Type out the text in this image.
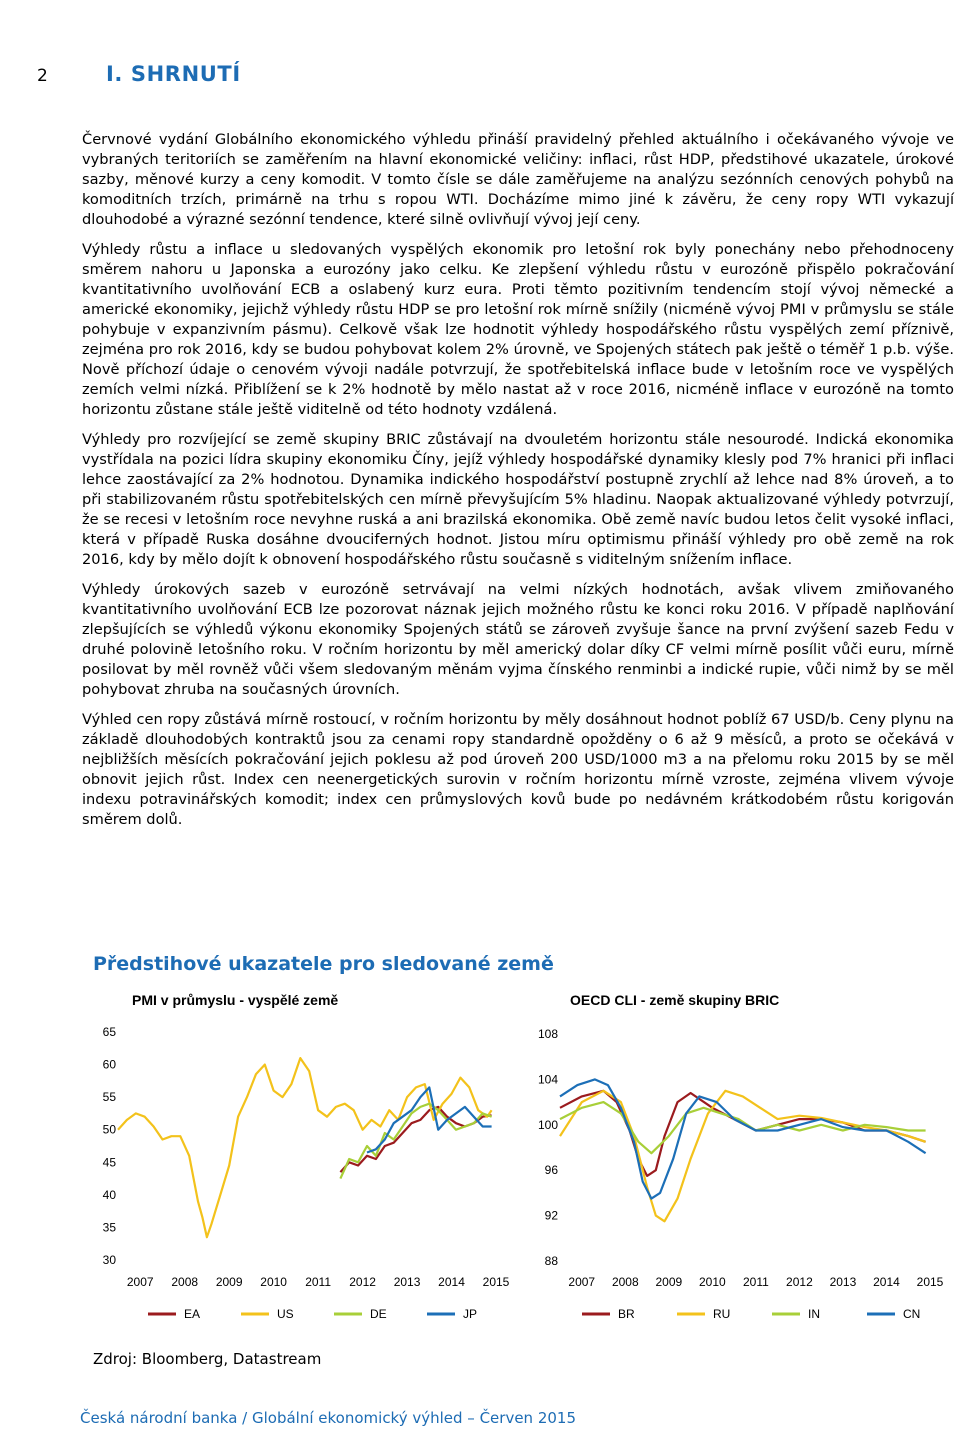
2	I. SHRNUTÍ

Červnové vydání Globálního ekonomického výhledu přináší pravidelný přehled aktuálního i očekávaného vývoje ve vybraných teritoriích se zaměřením na hlavní ekonomické veličiny: inflaci, růst HDP, předstihové ukazatele, úrokové sazby, měnové kurzy a ceny komodit. V tomto čísle se dále zaměřujeme na analýzu sezónních cenových pohybů na komoditních trzích, primárně na trhu s ropou WTI. Docházíme mimo jiné k závěru, že ceny ropy WTI vykazují dlouhodobé a výrazné sezónní tendence, které silně ovlivňují vývoj její ceny.

Výhledy růstu a inflace u sledovaných vyspělých ekonomik pro letošní rok byly ponechány nebo přehodnoceny směrem nahoru u Japonska a eurozóny jako celku. Ke zlepšení výhledu růstu v eurozóně přispělo pokračování kvantitativního uvolňování ECB a oslabený kurz eura. Proti těmto pozitivním tendencím stojí vývoj německé a americké ekonomiky, jejichž výhledy růstu HDP se pro letošní rok mírně snížily (nicméně vývoj PMI v průmyslu se stále pohybuje v expanzivním pásmu). Celkově však lze hodnotit výhledy hospodářského růstu vyspělých zemí příznivě, zejména pro rok 2016, kdy se budou pohybovat kolem 2% úrovně, ve Spojených státech pak ještě o téměř 1 p.b. výše. Nově příchozí údaje o cenovém vývoji nadále potvrzují, že spotřebitelská inflace bude v letošním roce ve vyspělých zemích velmi nízká. Přiblížení se k 2% hodnotě by mělo nastat až v roce 2016, nicméně inflace v eurozóně na tomto horizontu zůstane stále ještě viditelně od této hodnoty vzdálená.

Výhledy pro rozvíjející se země skupiny BRIC zůstávají na dvouletém horizontu stále nesourodé. Indická ekonomika vystřídala na pozici lídra skupiny ekonomiku Číny, jejíž výhledy hospodářské dynamiky klesly pod 7% hranici při inflaci lehce zaostávající za 2% hodnotou. Dynamika indického hospodářství postupně zrychlí až lehce nad 8% úroveň, a to při stabilizovaném růstu spotřebitelských cen mírně převyšujícím 5% hladinu. Naopak aktualizované výhledy potvrzují, že se recesi v letošním roce nevyhne ruská a ani brazilská ekonomika. Obě země navíc budou letos čelit vysoké inflaci, která v případě Ruska dosáhne dvouciferných hodnot. Jistou míru optimismu přináší výhledy pro obě země na rok 2016, kdy by mělo dojít k obnovení hospodářského růstu současně s viditelným snížením inflace.

Výhledy úrokových sazeb v eurozóně setrvávají na velmi nízkých hodnotách, avšak vlivem zmiňovaného kvantitativního uvolňování ECB lze pozorovat náznak jejich možného růstu ke konci roku 2016. V případě naplňování zlepšujících se výhledů výkonu ekonomiky Spojených států se zároveň zvyšuje šance na první zvýšení sazeb Fedu v druhé polovině letošního roku. V ročním horizontu by měl americký dolar díky CF velmi mírně posílit vůči euru, mírně posilovat by měl rovněž vůči všem sledovaným měnám vyjma čínského renminbi a indické rupie, vůči nimž by se měl pohybovat zhruba na současných úrovních.

Výhled cen ropy zůstává mírně rostoucí, v ročním horizontu by měly dosáhnout hodnot poblíž 67 USD/b. Ceny plynu na základě dlouhodobých kontraktů jsou za cenami ropy standardně opožděny o 6 až 9 měsíců, a proto se očekává v nejbližších měsících pokračování jejich poklesu až pod úroveň 200 USD/1000 m3 a na přelomu roku 2015 by se měl obnovit jejich růst. Index cen neenergetických surovin v ročním horizontu mírně vzroste, zejména vlivem vývoje indexu potravinářských komodit; index cen průmyslových kovů bude po nedávném krátkodobém růstu korigován směrem dolů.

Předstihové ukazatele pro sledované země
PMI v průmyslu - vyspělé země
65
60
55
50
45
40
35
30
2007 2008 2009 2010 2011 2012 2013 2014 2015
EA	US	DE	JP
OECD CLI - země skupiny BRIC
108
104
100
96
92
88
2007 2008 2009 2010 2011 2012 2013 2014 2015
BR	RU	IN	CN
Zdroj: Bloomberg, Datastream
Česká národní banka / Globální ekonomický výhled – Červen 2015
